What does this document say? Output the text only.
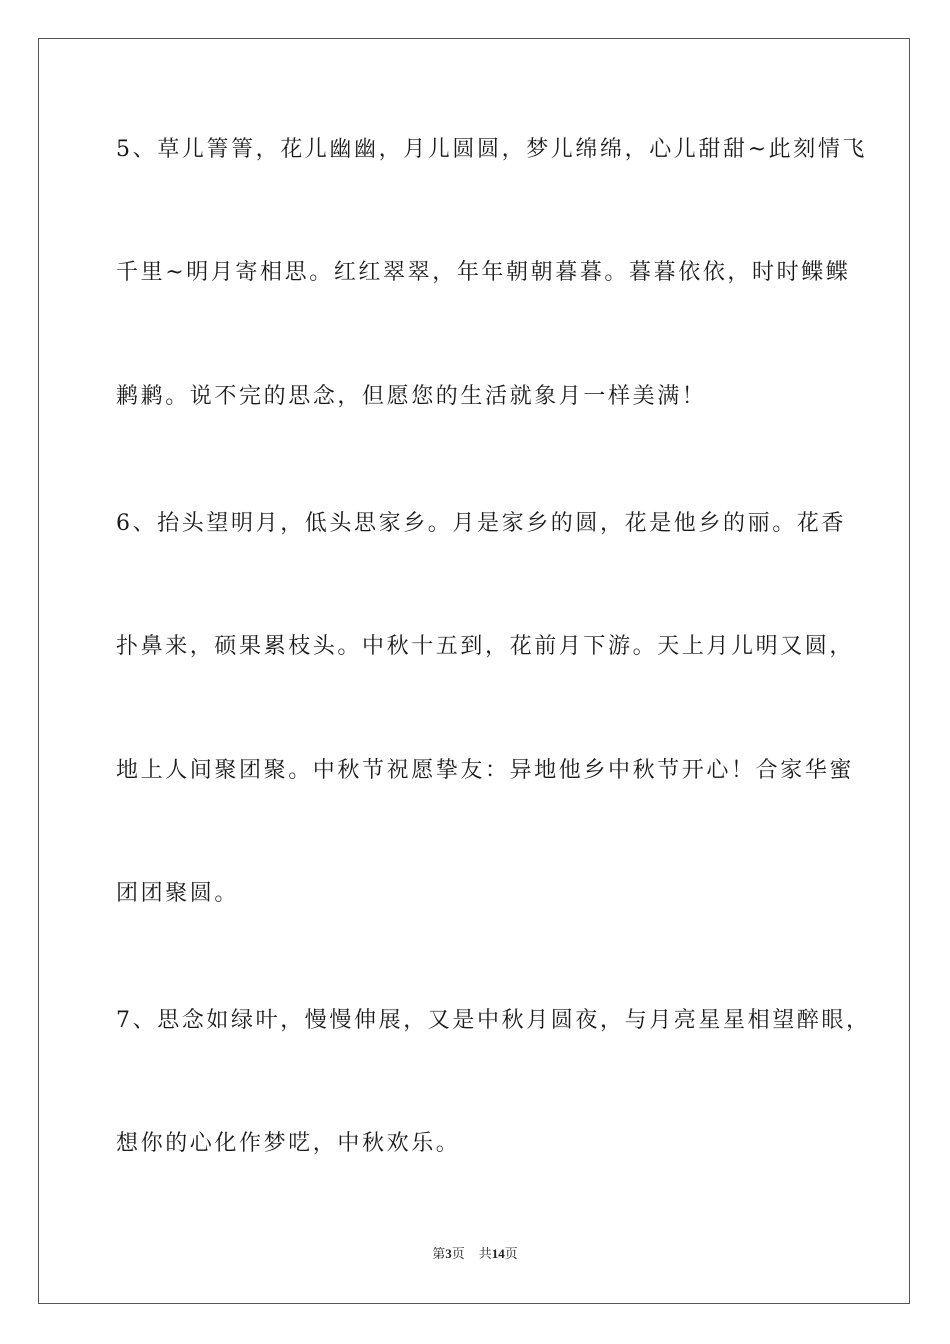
5、草儿箐箐，花儿幽幽，月儿圆圆，梦儿绵绵，心儿甜甜~此刻情飞
千里~明月寄相思。红红翠翠，年年朝朝暮暮。暮暮依依，时时鲽鲽
鹣鹣。说不完的思念，但愿您的生活就象月一样美满！
6、抬头望明月，低头思家乡。月是家乡的圆，花是他乡的丽。花香
扑鼻来，硕果累枝头。中秋十五到，花前月下游。天上月儿明又圆，
地上人间聚团聚。中秋节祝愿挚友：异地他乡中秋节开心！合家华蜜
团团聚圆。
7、思念如绿叶，慢慢伸展，又是中秋月圆夜，与月亮星星相望醉眼，
想你的心化作梦呓，中秋欢乐。
第3页 共14页
